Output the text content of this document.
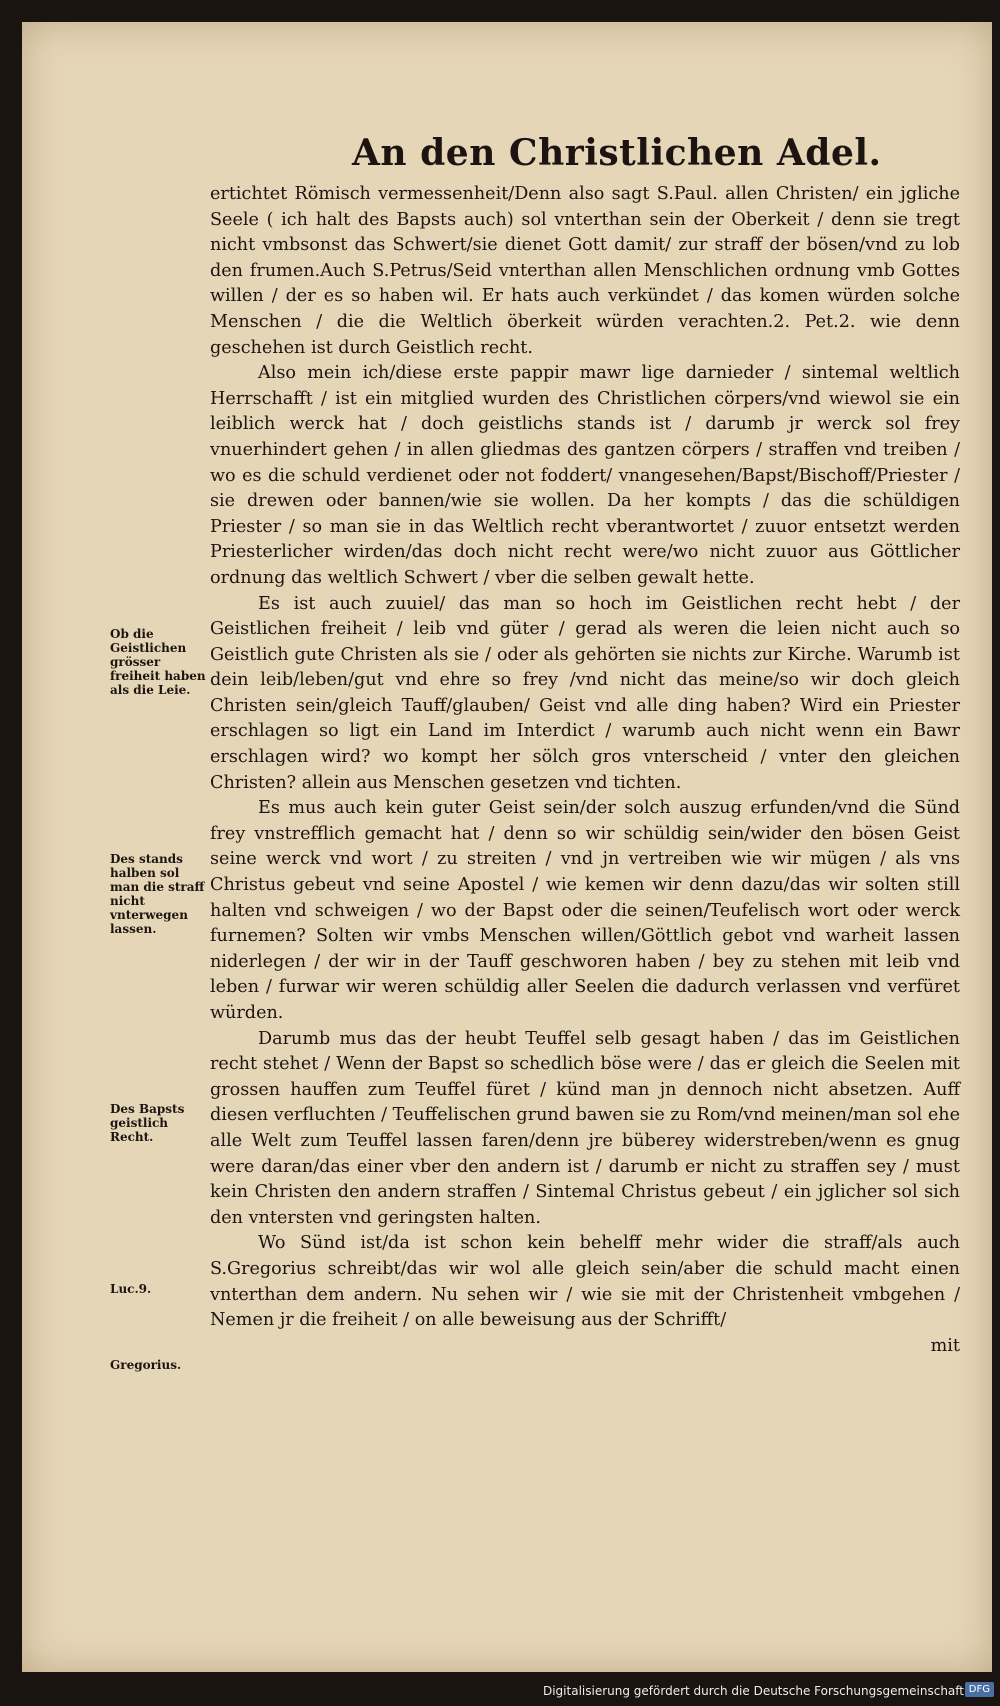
An den Christlichen Adel.

ertichtet Römisch vermessenheit/Denn also sagt S.Paul. allen Christen/ ein jgliche Seele ( ich halt des Bapsts auch) sol vnterthan sein der Oberkeit / denn sie tregt nicht vmbsonst das Schwert/sie dienet Gott damit/ zur straff der bösen/vnd zu lob den frumen.Auch S.Petrus/Seid vnterthan allen Menschlichen ordnung vmb Gottes willen / der es so haben wil. Er hats auch verkündet / das komen würden solche Menschen / die die Weltlich öberkeit würden verachten.2. Pet.2. wie denn geschehen ist durch Geistlich recht.

Also mein ich/diese erste pappir mawr lige darnieder / sintemal weltlich Herrschafft / ist ein mitglied wurden des Christlichen cörpers/vnd wiewol sie ein leiblich werck hat / doch geistlichs stands ist / darumb jr werck sol frey vnuerhindert gehen / in allen gliedmas des gantzen cörpers / straffen vnd treiben / wo es die schuld verdienet oder not foddert/ vnangesehen/Bapst/Bischoff/Priester / sie drewen oder bannen/wie sie wollen. Da her kompts / das die schüldigen Priester / so man sie in das Weltlich recht vberantwortet / zuuor entsetzt werden Priesterlicher wirden/das doch nicht recht were/wo nicht zuuor aus Göttlicher ordnung das weltlich Schwert / vber die selben gewalt hette.

Es ist auch zuuiel/ das man so hoch im Geistlichen recht hebt / der Geistlichen freiheit / leib vnd güter / gerad als weren die leien nicht auch so Geistlich gute Christen als sie / oder als gehörten sie nichts zur Kirche. Warumb ist dein leib/leben/gut vnd ehre so frey /vnd nicht das meine/so wir doch gleich Christen sein/gleich Tauff/glauben/ Geist vnd alle ding haben? Wird ein Priester erschlagen so ligt ein Land im Interdict / warumb auch nicht wenn ein Bawr erschlagen wird? wo kompt her sölch gros vnterscheid / vnter den gleichen Christen? allein aus Menschen gesetzen vnd tichten.

Es mus auch kein guter Geist sein/der solch auszug erfunden/vnd die Sünd frey vnstrefflich gemacht hat / denn so wir schüldig sein/wider den bösen Geist seine werck vnd wort / zu streiten / vnd jn vertreiben wie wir mügen / als vns Christus gebeut vnd seine Apostel / wie kemen wir denn dazu/das wir solten still halten vnd schweigen / wo der Bapst oder die seinen/Teufelisch wort oder werck furnemen? Solten wir vmbs Menschen willen/Göttlich gebot vnd warheit lassen niderlegen / der wir in der Tauff geschworen haben / bey zu stehen mit leib vnd leben / furwar wir weren schüldig aller Seelen die dadurch verlassen vnd verfüret würden.

Darumb mus das der heubt Teuffel selb gesagt haben / das im Geistlichen recht stehet / Wenn der Bapst so schedlich böse were / das er gleich die Seelen mit grossen hauffen zum Teuffel füret / künd man jn dennoch nicht absetzen. Auff diesen verfluchten / Teuffelischen grund bawen sie zu Rom/vnd meinen/man sol ehe alle Welt zum Teuffel lassen faren/denn jre büberey widerstreben/wenn es gnug were daran/das einer vber den andern ist / darumb er nicht zu straffen sey / must kein Christen den andern straffen / Sintemal Christus gebeut / ein jglicher sol sich den vntersten vnd geringsten halten.

Wo Sünd ist/da ist schon kein behelff mehr wider die straff/als auch S.Gregorius schreibt/das wir wol alle gleich sein/aber die schuld macht einen vnterthan dem andern. Nu sehen wir / wie sie mit der Christenheit vmbgehen / Nemen jr die freiheit / on alle beweisung aus der Schrifft/

mit

Ob die Geistlichen grösser freiheit haben als die Leie.
Des stands halben sol man die straff nicht vnterwegen lassen.
Des Bapsts geistlich Recht.
Luc.9.
Gregorius.
Digitalisierung gefördert durch die Deutsche Forschungsgemeinschaft DFG
